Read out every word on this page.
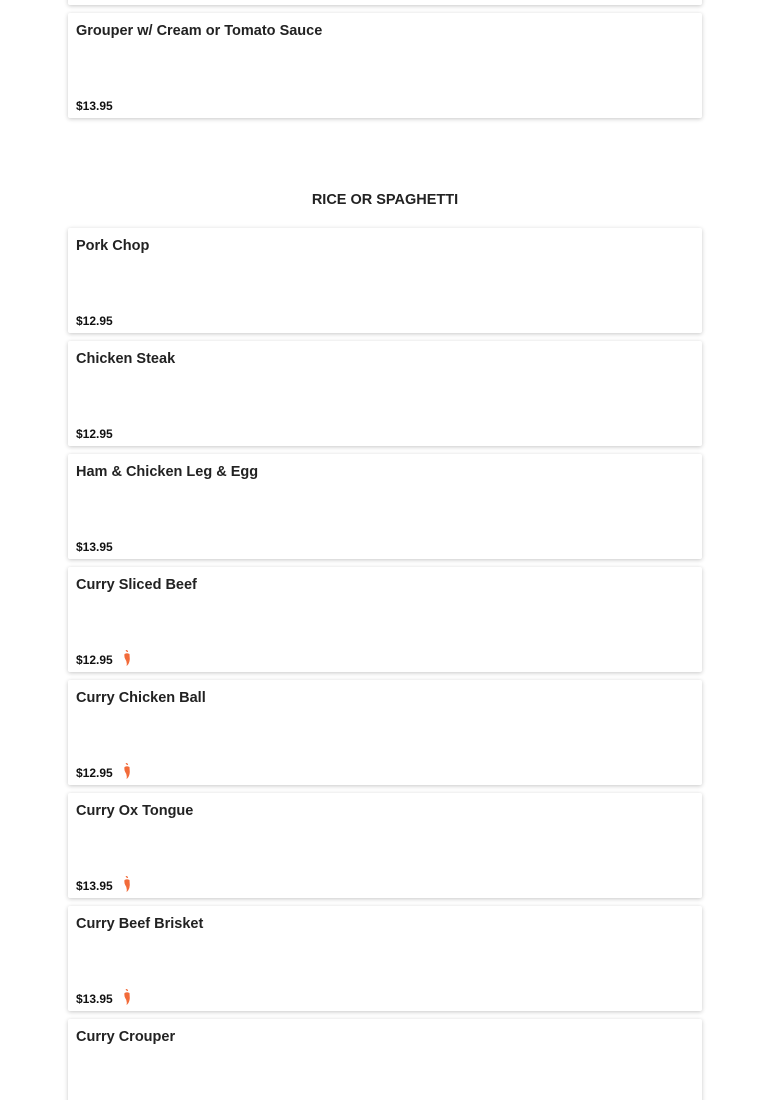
Grouper w/ Cream or Tomato Sauce
$13.95
RICE OR SPAGHETTI
Pork Chop
$12.95
Chicken Steak
$12.95
Ham & Chicken Leg & Egg
$13.95
Curry Sliced Beef
$12.95
Curry Chicken Ball
$12.95
Curry Ox Tongue
$13.95
Curry Beef Brisket
$13.95
Curry Crouper
